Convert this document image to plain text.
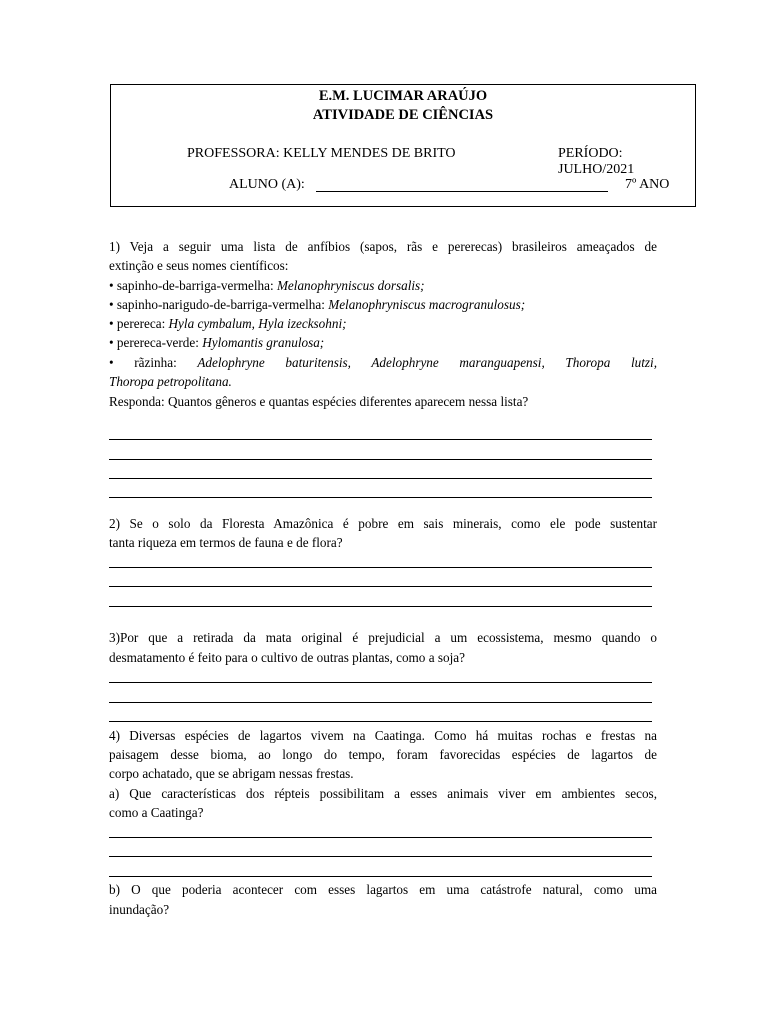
E.M. LUCIMAR ARAÚJO
ATIVIDADE DE CIÊNCIAS
PROFESSORA: KELLY MENDES DE BRITO	PERÍODO: JULHO/2021
ALUNO (A):	7º ANO
1) Veja a seguir uma lista de anfíbios (sapos, rãs e pererecas) brasileiros ameaçados de
extinção e seus nomes científicos:
• sapinho-de-barriga-vermelha: Melanophryniscus dorsalis;
• sapinho-narigudo-de-barriga-vermelha: Melanophryniscus macrogranulosus;
• perereca: Hyla cymbalum, Hyla izecksohni;
• perereca-verde: Hylomantis granulosa;
• rãzinha: Adelophryne baturitensis, Adelophryne maranguapensi, Thoropa lutzi,
Thoropa petropolitana.
Responda: Quantos gêneros e quantas espécies diferentes aparecem nessa lista?
2) Se o solo da Floresta Amazônica é pobre em sais minerais, como ele pode sustentar
tanta riqueza em termos de fauna e de flora?
3)Por que a retirada da mata original é prejudicial a um ecossistema, mesmo quando o
desmatamento é feito para o cultivo de outras plantas, como a soja?
4) Diversas espécies de lagartos vivem na Caatinga. Como há muitas rochas e frestas na
paisagem desse bioma, ao longo do tempo, foram favorecidas espécies de lagartos de
corpo achatado, que se abrigam nessas frestas.
a) Que características dos répteis possibilitam a esses animais viver em ambientes secos,
como a Caatinga?
b) O que poderia acontecer com esses lagartos em uma catástrofe natural, como uma
inundação?
